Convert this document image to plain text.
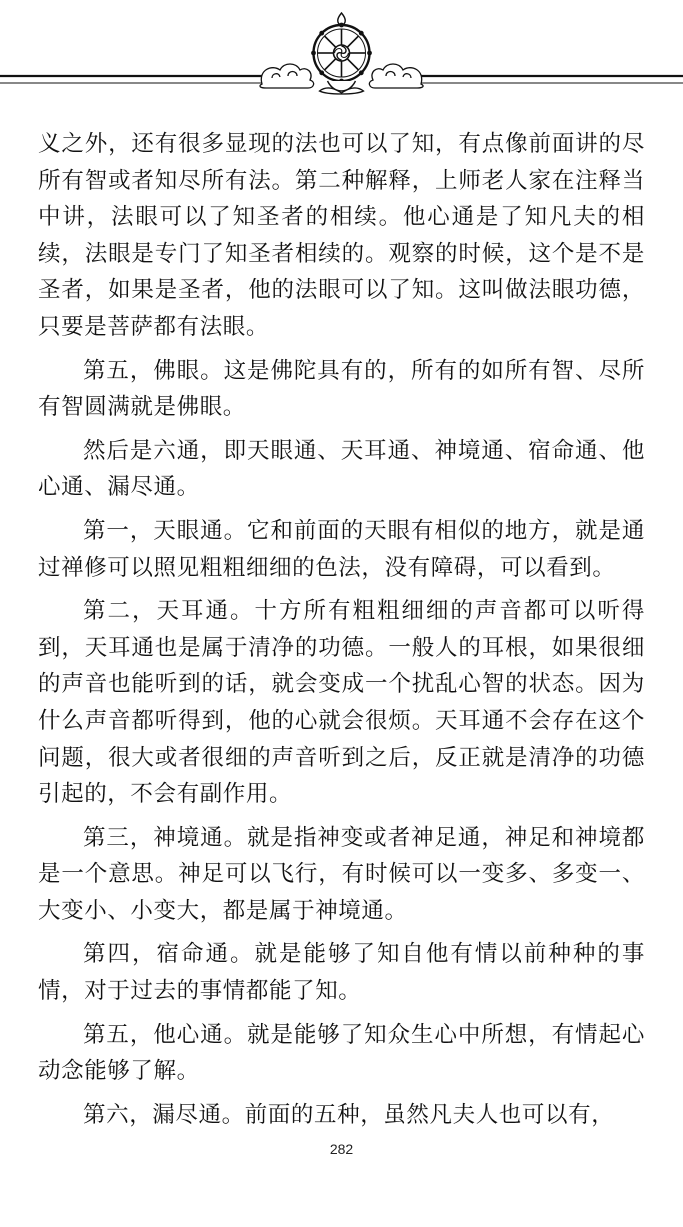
义之外，还有很多显现的法也可以了知，有点像前面讲的尽所有智或者知尽所有法。第二种解释，上师老人家在注释当中讲，法眼可以了知圣者的相续。他心通是了知凡夫的相续，法眼是专门了知圣者相续的。观察的时候，这个是不是圣者，如果是圣者，他的法眼可以了知。这叫做法眼功德，只要是菩萨都有法眼。

第五，佛眼。这是佛陀具有的，所有的如所有智、尽所有智圆满就是佛眼。

然后是六通，即天眼通、天耳通、神境通、宿命通、他心通、漏尽通。

第一，天眼通。它和前面的天眼有相似的地方，就是通过禅修可以照见粗粗细细的色法，没有障碍，可以看到。

第二，天耳通。十方所有粗粗细细的声音都可以听得到，天耳通也是属于清净的功德。一般人的耳根，如果很细的声音也能听到的话，就会变成一个扰乱心智的状态。因为什么声音都听得到，他的心就会很烦。天耳通不会存在这个问题，很大或者很细的声音听到之后，反正就是清净的功德引起的，不会有副作用。

第三，神境通。就是指神变或者神足通，神足和神境都是一个意思。神足可以飞行，有时候可以一变多、多变一、大变小、小变大，都是属于神境通。

第四，宿命通。就是能够了知自他有情以前种种的事情，对于过去的事情都能了知。

第五，他心通。就是能够了知众生心中所想，有情起心动念能够了解。

第六，漏尽通。前面的五种，虽然凡夫人也可以有，

282
